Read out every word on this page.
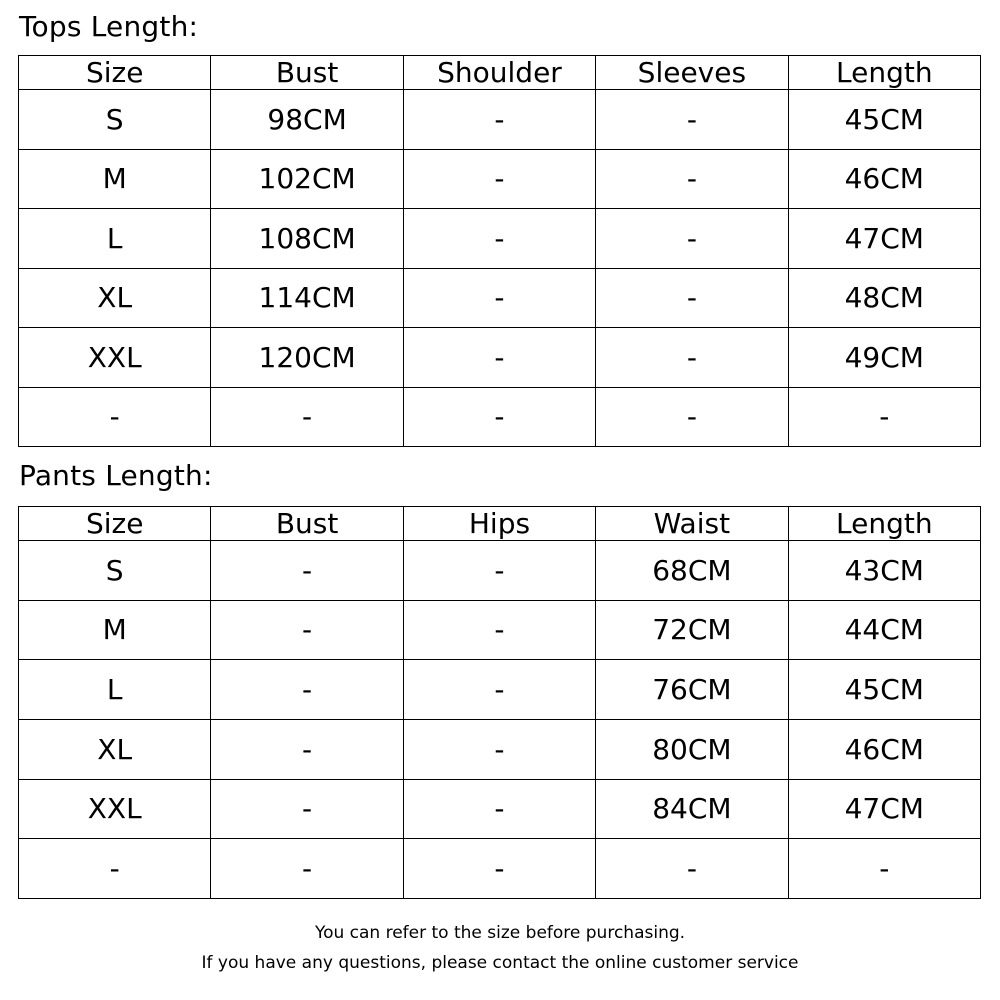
Tops Length:
Size	Bust	Shoulder	Sleeves	Length
S	98CM	-	-	45CM
M	102CM	-	-	46CM
L	108CM	-	-	47CM
XL	114CM	-	-	48CM
XXL	120CM	-	-	49CM
-	-	-	-	-
Pants Length:
Size	Bust	Hips	Waist	Length
S	-	-	68CM	43CM
M	-	-	72CM	44CM
L	-	-	76CM	45CM
XL	-	-	80CM	46CM
XXL	-	-	84CM	47CM
-	-	-	-	-
You can refer to the size before purchasing.
If you have any questions, please contact the online customer service
